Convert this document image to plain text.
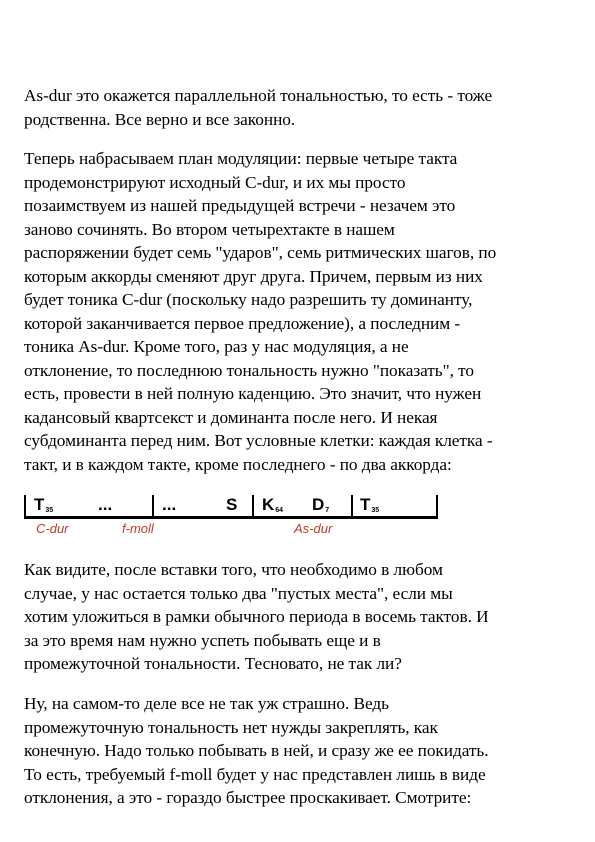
As-dur это окажется параллельной тональностью, то есть - тоже
родственна. Все верно и все законно.

Теперь набрасываем план модуляции: первые четыре такта
продемонстрируют исходный C-dur, и их мы просто
позаимствуем из нашей предыдущей встречи - незачем это
заново сочинять. Во втором четырехтакте в нашем
распоряжении будет семь "ударов", семь ритмических шагов, по
которым аккорды сменяют друг друга. Причем, первым из них
будет тоника C-dur (поскольку надо разрешить ту доминанту,
которой заканчивается первое предложение), а последним -
тоника As-dur. Кроме того, раз у нас модуляция, а не
отклонение, то последнюю тональность нужно "показать", то
есть, провести в ней полную каденцию. Это значит, что нужен
кадансовый квартсекст и доминанта после него. И некая
субдоминанта перед ним. Вот условные клетки: каждая клетка -
такт, и в каждом такте, кроме последнего - по два аккорда:

$T_{35}$	...	...	S $K_{64}$ $D_7$ $T_{35}$
C-dur	f-moll	As-dur

Как видите, после вставки того, что необходимо в любом
случае, у нас остается только два "пустых места", если мы
хотим уложиться в рамки обычного периода в восемь тактов. И
за это время нам нужно успеть побывать еще и в
промежуточной тональности. Тесновато, не так ли?

Ну, на самом-то деле все не так уж страшно. Ведь
промежуточную тональность нет нужды закреплять, как
конечную. Надо только побывать в ней, и сразу же ее покидать.
То есть, требуемый f-moll будет у нас представлен лишь в виде
отклонения, а это - гораздо быстрее проскакивает. Смотрите:
